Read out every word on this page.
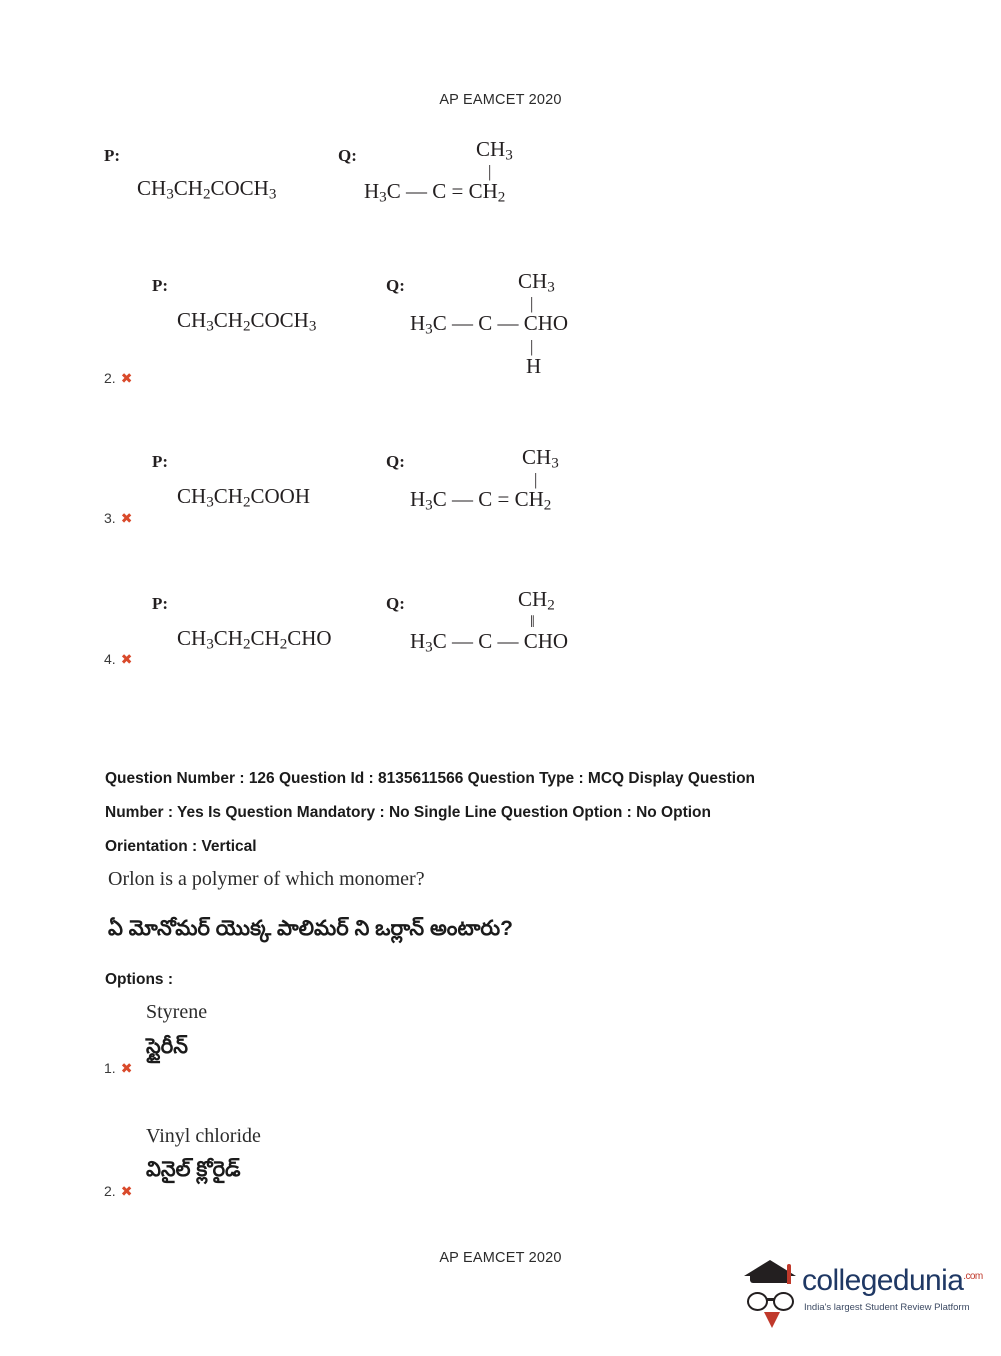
AP EAMCET 2020
P:
$CH_3CH_2COCH_3$
Q:	$CH_3$
|
$H_3C$ — $C = CH_2$
P:
$CH_3CH_2COCH_3$
Q:	$CH_3$
|
$H_3C$ — C — CHO
|
H
2. ✖
P:
$CH_3CH_2COOH$
Q:	$CH_3$
|
$H_3C$ — $C = CH_2$
3. ✖
P:
$CH_3CH_2CH_2CHO$
Q:	$CH_2$
‖
$H_3C$ — C — CHO
4. ✖
Question Number : 126 Question Id : 8135611566 Question Type : MCQ Display Question
Number : Yes Is Question Mandatory : No Single Line Question Option : No Option
Orientation : Vertical
Orlon is a polymer of which monomer?
ఏ మోనోమర్ యొక్క పాలిమర్ ని ఒర్లాన్ అంటారు?
Options :
Styrene
స్టైరీన్
1. ✖
Vinyl chloride
వినైల్ క్లోరైడ్
2. ✖
AP EAMCET 2020
collegedunia$^{.com}$
India's largest Student Review Platform
